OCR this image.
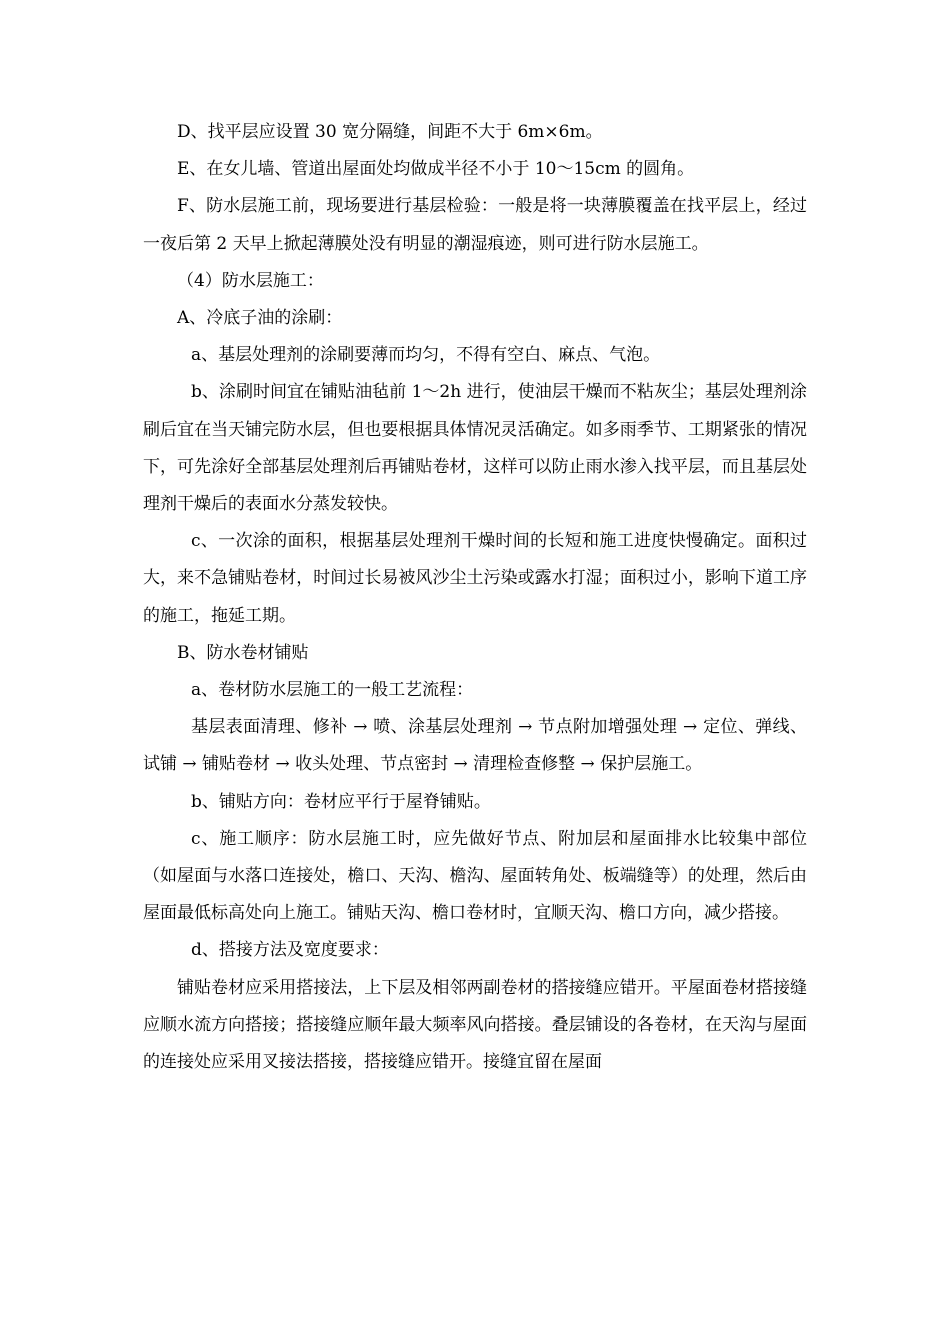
D、找平层应设置 30 宽分隔缝，间距不大于 6m×6m。

E、在女儿墙、管道出屋面处均做成半径不小于 10～15cm 的圆角。

F、防水层施工前，现场要进行基层检验：一般是将一块薄膜覆盖在找平层上，经过一夜后第 2 天早上掀起薄膜处没有明显的潮湿痕迹，则可进行防水层施工。

（4）防水层施工：

A、冷底子油的涂刷：

a、基层处理剂的涂刷要薄而均匀，不得有空白、麻点、气泡。

b、涂刷时间宜在铺贴油毡前 1～2h 进行，使油层干燥而不粘灰尘；基层处理剂涂刷后宜在当天铺完防水层，但也要根据具体情况灵活确定。如多雨季节、工期紧张的情况下，可先涂好全部基层处理剂后再铺贴卷材，这样可以防止雨水渗入找平层，而且基层处理剂干燥后的表面水分蒸发较快。

c、一次涂的面积，根据基层处理剂干燥时间的长短和施工进度快慢确定。面积过大，来不急铺贴卷材，时间过长易被风沙尘土污染或露水打湿；面积过小，影响下道工序的施工，拖延工期。

B、防水卷材铺贴

a、卷材防水层施工的一般工艺流程：

基层表面清理、修补 → 喷、涂基层处理剂 → 节点附加增强处理 → 定位、弹线、试铺 → 铺贴卷材 → 收头处理、节点密封 → 清理检查修整 → 保护层施工。

b、铺贴方向：卷材应平行于屋脊铺贴。

c、施工顺序：防水层施工时，应先做好节点、附加层和屋面排水比较集中部位（如屋面与水落口连接处，檐口、天沟、檐沟、屋面转角处、板端缝等）的处理，然后由屋面最低标高处向上施工。铺贴天沟、檐口卷材时，宜顺天沟、檐口方向，减少搭接。

d、搭接方法及宽度要求：

铺贴卷材应采用搭接法，上下层及相邻两副卷材的搭接缝应错开。平屋面卷材搭接缝应顺水流方向搭接；搭接缝应顺年最大频率风向搭接。叠层铺设的各卷材，在天沟与屋面的连接处应采用叉接法搭接，搭接缝应错开。接缝宜留在屋面
